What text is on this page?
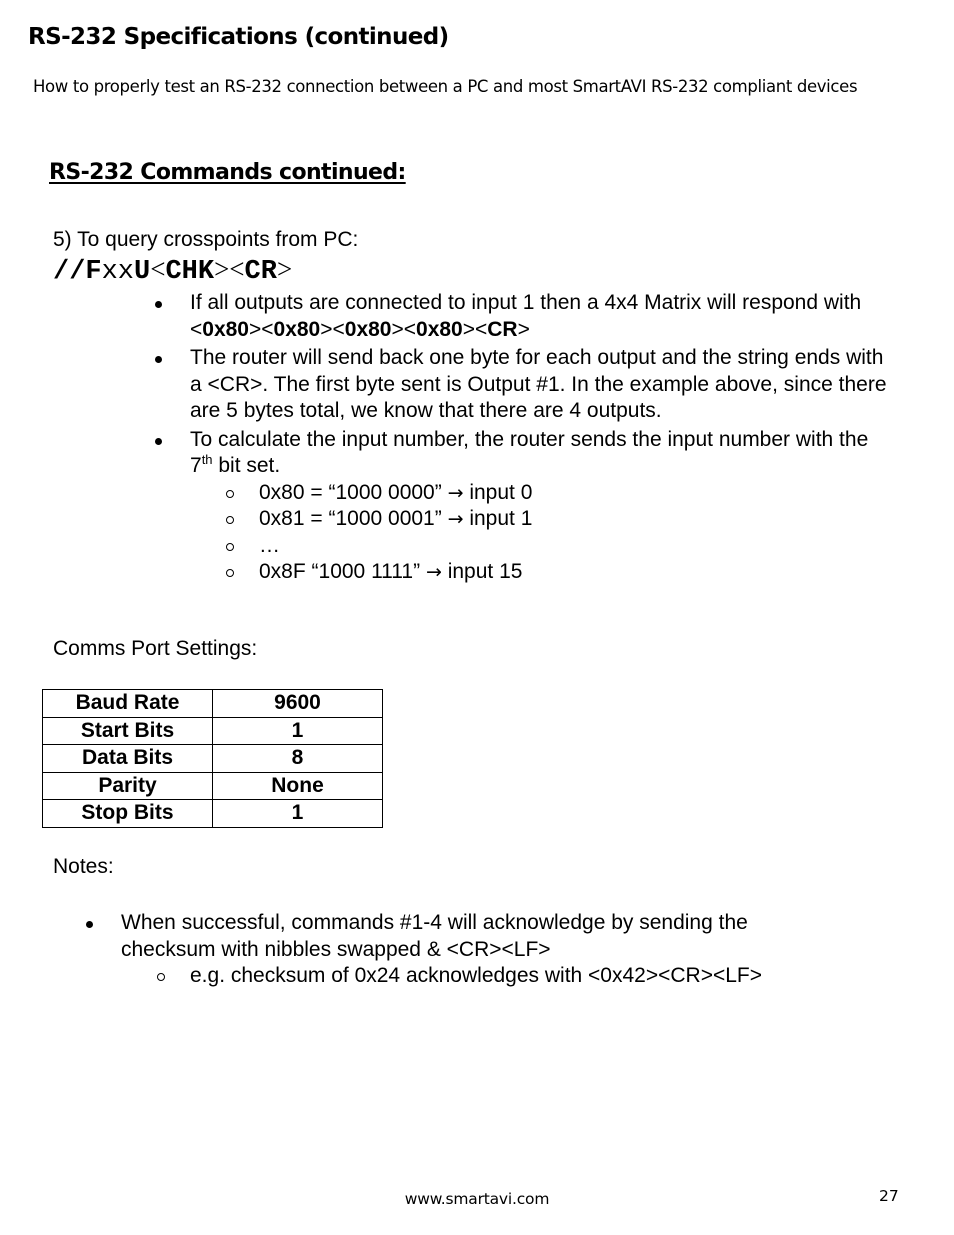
RS-232 Specifications (continued)

How to properly test an RS-232 connection between a PC and most SmartAVI RS-232 compliant devices

RS-232 Commands continued:
5) To query crosspoints from PC:
//FxxU<CHK><CR>
If all outputs are connected to input 1 then a 4x4 Matrix will respond with <0x80><0x80><0x80><0x80><CR>
The router will send back one byte for each output and the string ends with a <CR>. The first byte sent is Output #1. In the example above, since there are 5 bytes total, we know that there are 4 outputs.
To calculate the input number, the router sends the input number with the 7th bit set.
0x80 = “1000 0000” → input 0
0x81 = “1000 0001” → input 1
…
0x8F “1000 1111” → input 15
Comms Port Settings:
Baud Rate	9600
Start Bits	1
Data Bits	8
Parity	None
Stop Bits	1
Notes:
When successful, commands #1-4 will acknowledge by sending the checksum with nibbles swapped & <CR><LF>
e.g. checksum of 0x24 acknowledges with <0x42><CR><LF>
www.smartavi.com	27
